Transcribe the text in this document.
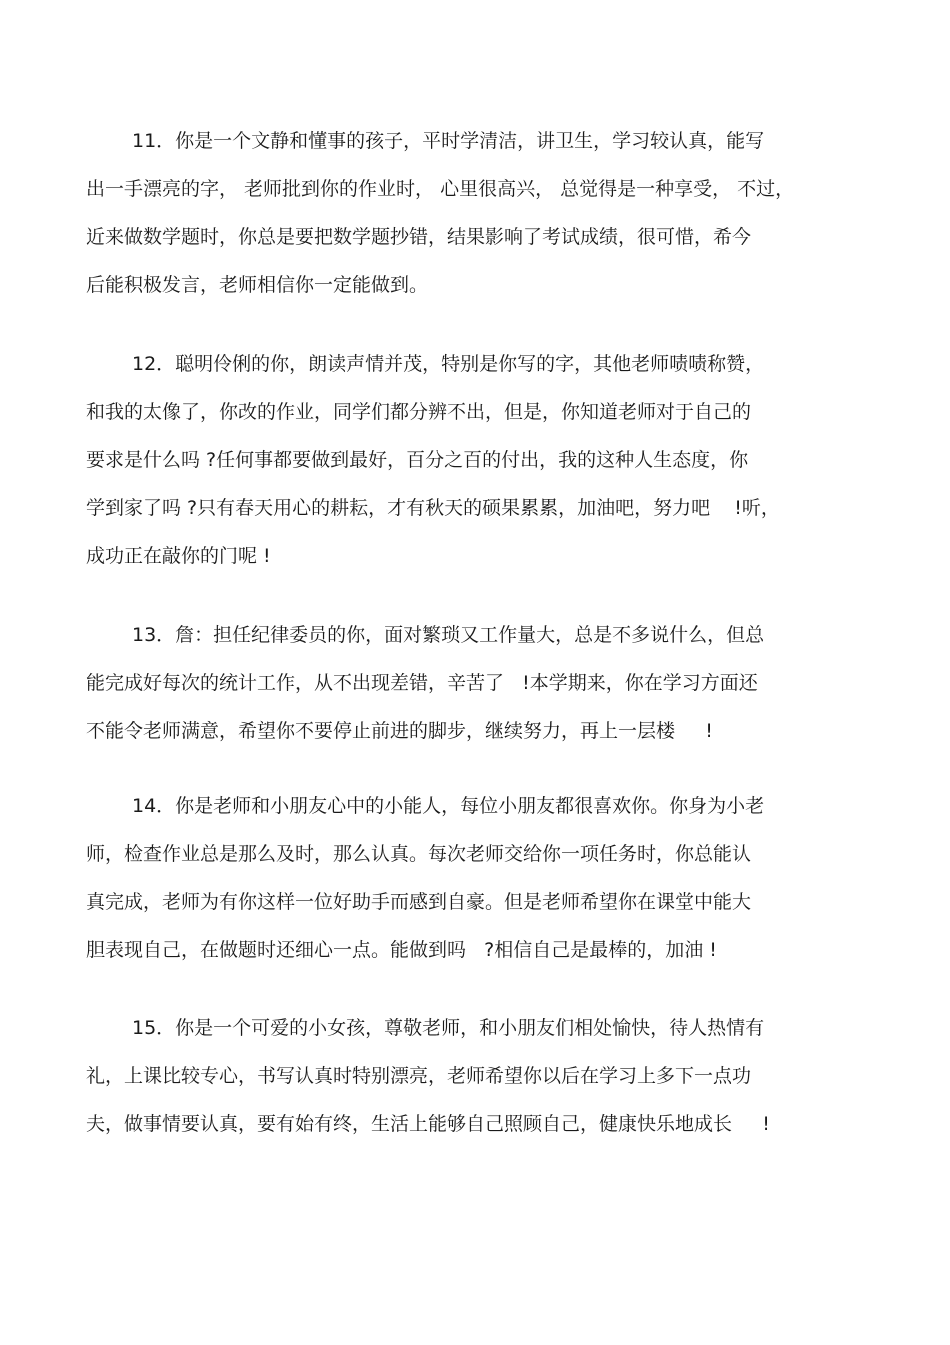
11．你是一个文静和懂事的孩子，平时学清洁，讲卫生，学习较认真，能写
出一手漂亮的字， 老师批到你的作业时， 心里很高兴， 总觉得是一种享受， 不过，
近来做数学题时，你总是要把数学题抄错，结果影响了考试成绩，很可惜，希今
后能积极发言，老师相信你一定能做到。
12．聪明伶俐的你，朗读声情并茂，特别是你写的字，其他老师啧啧称赞，
和我的太像了，你改的作业，同学们都分辨不出，但是，你知道老师对于自己的
要求是什么吗 ?任何事都要做到最好，百分之百的付出，我的这种人生态度，你
学到家了吗 ?只有春天用心的耕耘，才有秋天的硕果累累，加油吧，努力吧    !听，
成功正在敲你的门呢 !
13．詹：担任纪律委员的你，面对繁琐又工作量大，总是不多说什么，但总
能完成好每次的统计工作，从不出现差错，辛苦了   !本学期来，你在学习方面还
不能令老师满意，希望你不要停止前进的脚步，继续努力，再上一层楼     !
14．你是老师和小朋友心中的小能人，每位小朋友都很喜欢你。你身为小老
师，检查作业总是那么及时，那么认真。每次老师交给你一项任务时，你总能认
真完成，老师为有你这样一位好助手而感到自豪。但是老师希望你在课堂中能大
胆表现自己，在做题时还细心一点。能做到吗   ?相信自己是最棒的，加油 !
15．你是一个可爱的小女孩，尊敬老师，和小朋友们相处愉快，待人热情有
礼，上课比较专心，书写认真时特别漂亮，老师希望你以后在学习上多下一点功
夫，做事情要认真，要有始有终，生活上能够自己照顾自己，健康快乐地成长     !
